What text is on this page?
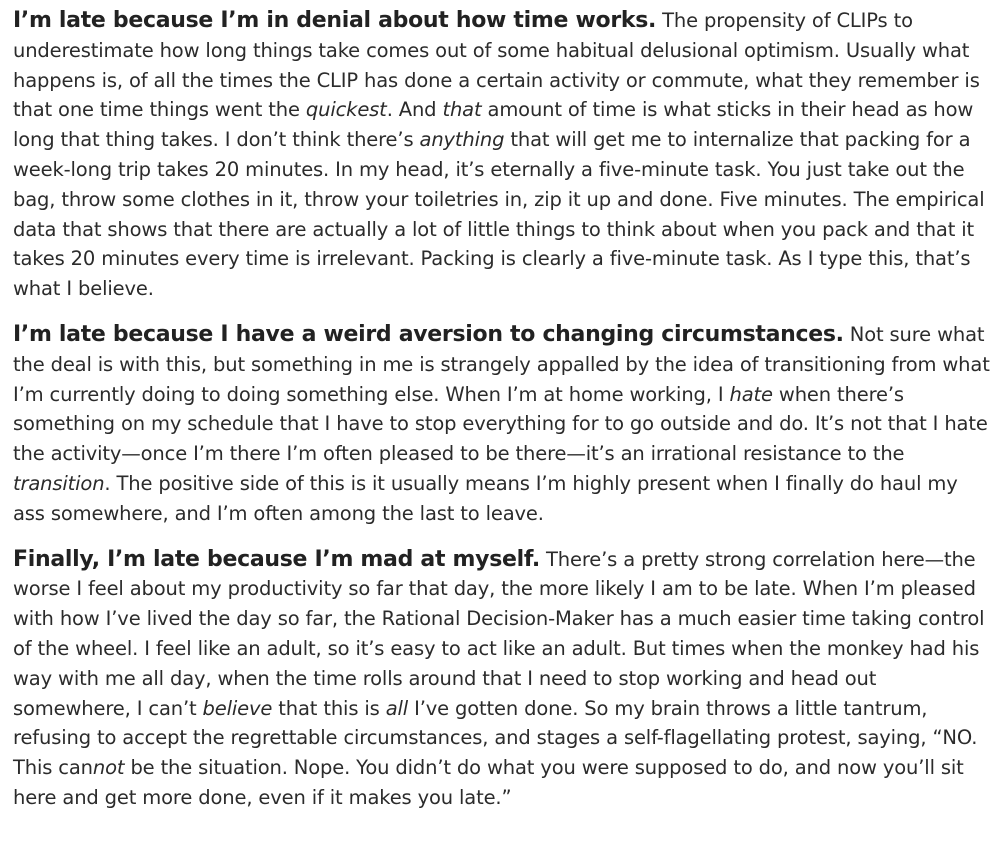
I’m late because I’m in denial about how time works. The propensity of CLIPs to underestimate how long things take comes out of some habitual delusional optimism. Usually what happens is, of all the times the CLIP has done a certain activity or commute, what they remember is that one time things went the quickest. And that amount of time is what sticks in their head as how long that thing takes. I don’t think there’s anything that will get me to internalize that packing for a week-long trip takes 20 minutes. In my head, it’s eternally a five-minute task. You just take out the bag, throw some clothes in it, throw your toiletries in, zip it up and done. Five minutes. The empirical data that shows that there are actually a lot of little things to think about when you pack and that it takes 20 minutes every time is irrelevant. Packing is clearly a five-minute task. As I type this, that’s what I believe.

I’m late because I have a weird aversion to changing circumstances. Not sure what the deal is with this, but something in me is strangely appalled by the idea of transitioning from what I’m currently doing to doing something else. When I’m at home working, I hate when there’s something on my schedule that I have to stop everything for to go outside and do. It’s not that I hate the activity—once I’m there I’m often pleased to be there—it’s an irrational resistance to the transition. The positive side of this is it usually means I’m highly present when I finally do haul my ass somewhere, and I’m often among the last to leave.

Finally, I’m late because I’m mad at myself. There’s a pretty strong correlation here—the worse I feel about my productivity so far that day, the more likely I am to be late. When I’m pleased with how I’ve lived the day so far, the Rational Decision-Maker has a much easier time taking control of the wheel. I feel like an adult, so it’s easy to act like an adult. But times when the monkey had his way with me all day, when the time rolls around that I need to stop working and head out somewhere, I can’t believe that this is all I’ve gotten done. So my brain throws a little tantrum, refusing to accept the regrettable circumstances, and stages a self-flagellating protest, saying, “NO. This cannot be the situation. Nope. You didn’t do what you were supposed to do, and now you’ll sit here and get more done, even if it makes you late.”
